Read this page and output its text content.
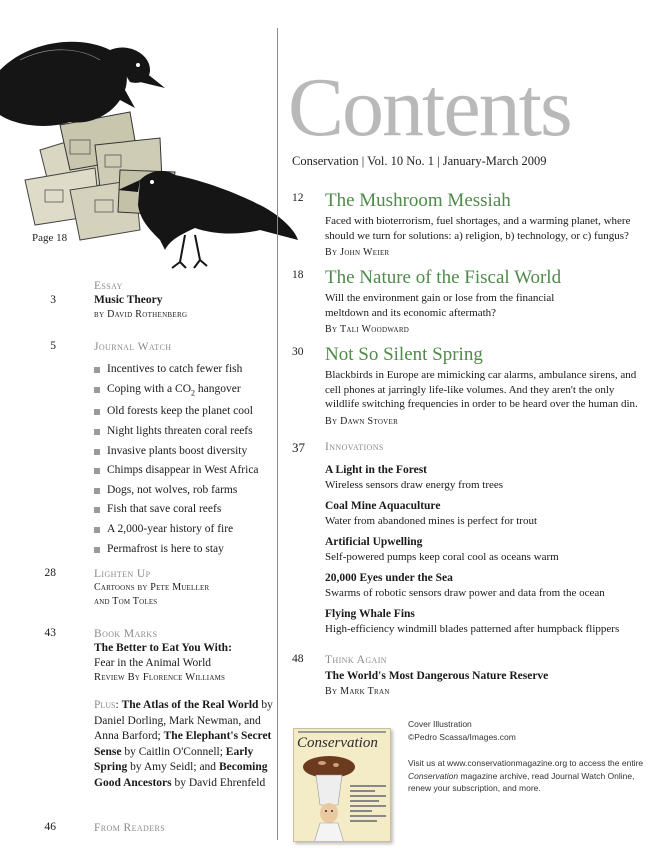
Page 18
Essay
3	Music Theory
by David Rothenberg
5	Journal Watch
Incentives to catch fewer fish
Coping with a $CO_2$ hangover
Old forests keep the planet cool
Night lights threaten coral reefs
Invasive plants boost diversity
Chimps disappear in West Africa
Dogs, not wolves, rob farms
Fish that save coral reefs
A 2,000-year history of fire
Permafrost is here to stay
28	Lighten Up
Cartoons by Pete Mueller
and Tom Toles
43	Book Marks
The Better to Eat You With:
Fear in the Animal World
Review By Florence Williams
Plus: The Atlas of the Real World by Daniel Dorling, Mark Newman, and Anna Barford; The Elephant's Secret Sense by Caitlin O'Connell; Early Spring by Amy Seidl; and Becoming Good Ancestors by David Ehrenfeld
46	From Readers
Contents
Conservation | Vol. 10 No. 1 | January-March 2009
12 The Mushroom Messiah
Faced with bioterrorism, fuel shortages, and a warming planet, where should we turn for solutions: a) religion, b) technology, or c) fungus?
By John Weier
18 The Nature of the Fiscal World
Will the environment gain or lose from the financial meltdown and its economic aftermath?
By Tali Woodward
30 Not So Silent Spring
Blackbirds in Europe are mimicking car alarms, ambulance sirens, and cell phones at jarringly life-like volumes. And they aren't the only wildlife switching frequencies in order to be heard over the human din.
By Dawn Stover
37 Innovations
A Light in the Forest
Wireless sensors draw energy from trees
Coal Mine Aquaculture
Water from abandoned mines is perfect for trout
Artificial Upwelling
Self-powered pumps keep coral cool as oceans warm
20,000 Eyes under the Sea
Swarms of robotic sensors draw power and data from the ocean
Flying Whale Fins
High-efficiency windmill blades patterned after humpback flippers
48 Think Again
The World's Most Dangerous Nature Reserve
By Mark Tran
Conservation
Cover Illustration
©Pedro Scassa/Images.com
Visit us at www.conservationmagazine.org to access the entire Conservation magazine archive, read Journal Watch Online, renew your subscription, and more.
